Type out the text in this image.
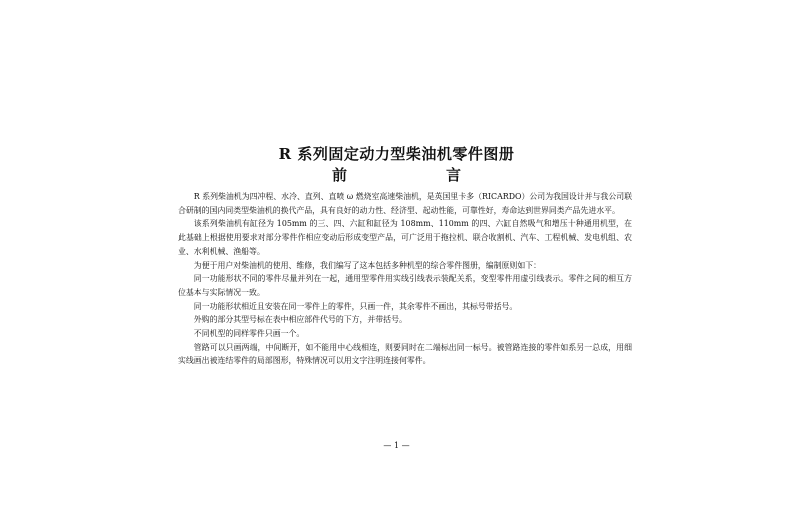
R 系列固定动力型柴油机零件图册
前　言

R 系列柴油机为四冲程、水冷、直列、直喷 ω 燃烧室高速柴油机，是英国里卡多（RICARDO）公司为我国设计并与我公司联合研制的国内同类型柴油机的换代产品，具有良好的动力性、经济型、起动性能，可靠性好，寿命达到世界同类产品先进水平。

该系列柴油机有缸径为 105mm 的三、四、六缸和缸径为 108mm、110mm 的四、六缸自然吸气和增压十种通用机型，在此基础上根据使用要求对部分零件作相应变动后形成变型产品，可广泛用于拖拉机、联合收割机、汽车、工程机械、发电机组、农业、水利机械、渔船等。

为便于用户对柴油机的使用、维修，我们编写了这本包括多种机型的综合零件图册，编制原则如下：

同一功能形状不同的零件尽量并列在一起，通用型零件用实线引线表示装配关系，变型零件用虚引线表示。零件之间的相互方位基本与实际情况一致。

同一功能形状相近且安装在同一零件上的零件，只画一件，其余零件不画出，其标号带括号。

外购的部分其型号标在表中相应部件代号的下方，并带括号。

不同机型的同样零件只画一个。

管路可以只画两端，中间断开，如不能用中心线相连，则要同时在二端标出同一标号。被管路连接的零件如系另一总成，用细实线画出被连结零件的局部图形，特殊情况可以用文字注明连接何零件。

— 1 —
